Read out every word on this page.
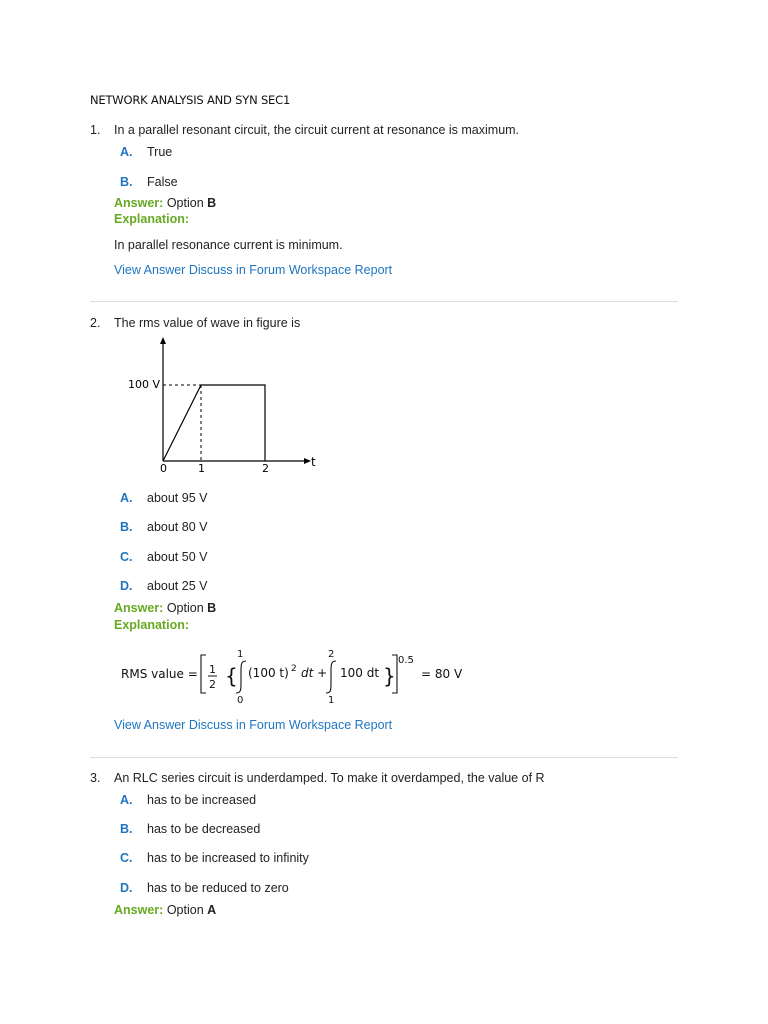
NETWORK ANALYSIS AND SYN SEC1
1. In a parallel resonant circuit, the circuit current at resonance is maximum.
A. True
B. False
Answer: Option B
Explanation:
In parallel resonance current is minimum.
View Answer Discuss in Forum Workspace Report
2. The rms value of wave in figure is
100 V
t
0	1	2
A. about 95 V
B. about 80 V
C. about 50 V
D. about 25 V
Answer: Option B
Explanation:
RMS value = 1
2 {
1
0
(100 t) 2 dt +
2
1
100 dt }
0.5
= 80 V
View Answer Discuss in Forum Workspace Report
3. An RLC series circuit is underdamped. To make it overdamped, the value of R
A. has to be increased
B. has to be decreased
C. has to be increased to infinity
D. has to be reduced to zero
Answer: Option A
